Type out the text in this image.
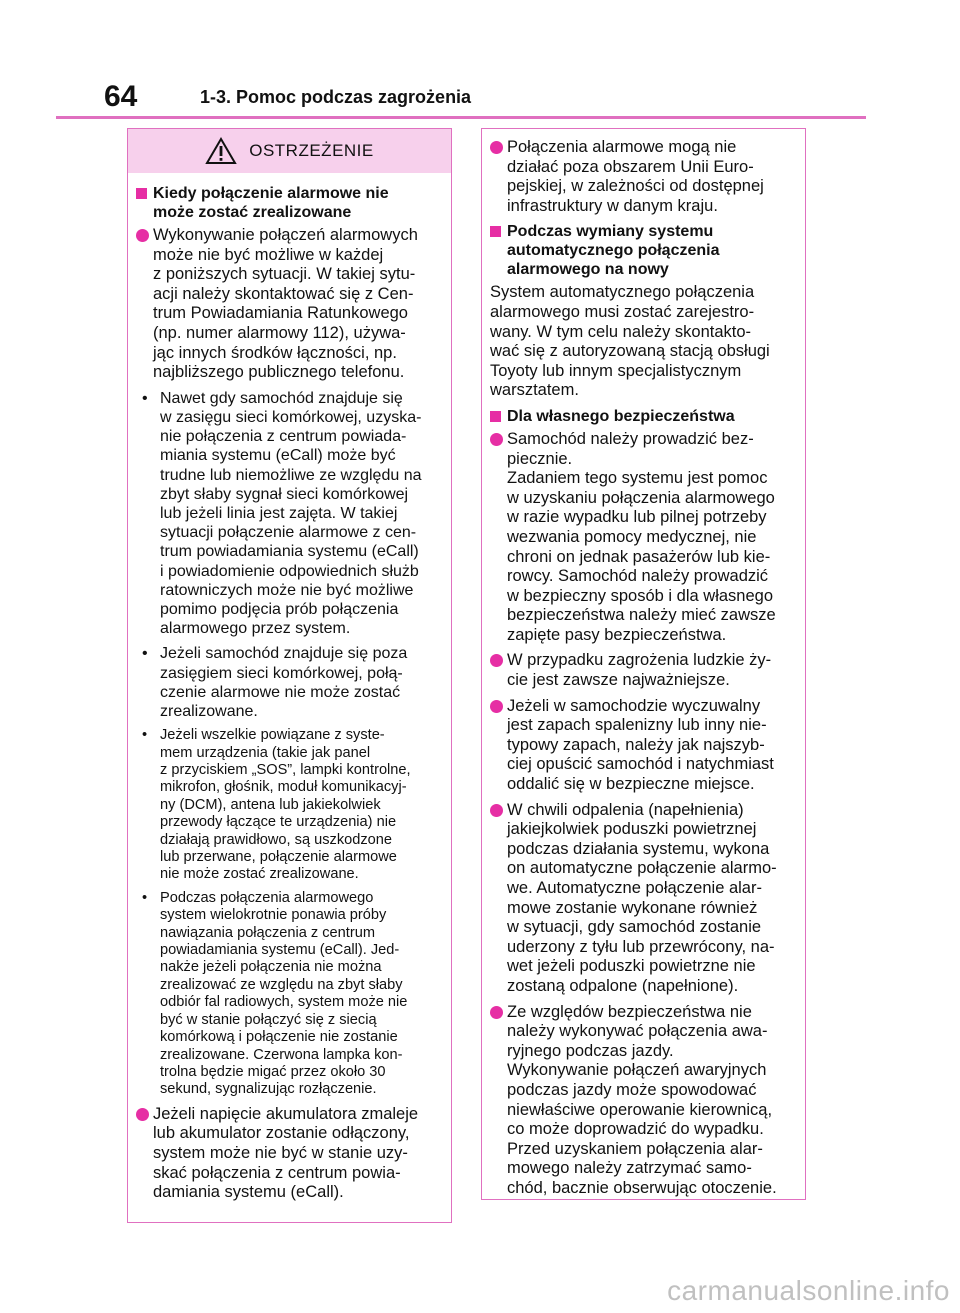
64	1-3. Pomoc podczas zagrożenia
OSTRZEŻENIE
Kiedy połączenie alarmowe nie
może zostać zrealizowane
Wykonywanie połączeń alarmowych
może nie być możliwe w każdej
z poniższych sytuacji. W takiej sytu-
acji należy skontaktować się z Cen-
trum Powiadamiania Ratunkowego
(np. numer alarmowy 112), używa-
jąc innych środków łączności, np.
najbliższego publicznego telefonu.
• Nawet gdy samochód znajduje się
w zasięgu sieci komórkowej, uzyska-
nie połączenia z centrum powiada-
miania systemu (eCall) może być
trudne lub niemożliwe ze względu na
zbyt słaby sygnał sieci komórkowej
lub jeżeli linia jest zajęta. W takiej
sytuacji połączenie alarmowe z cen-
trum powiadamiania systemu (eCall)
i powiadomienie odpowiednich służb
ratowniczych może nie być możliwe
pomimo podjęcia prób połączenia
alarmowego przez system.
• Jeżeli samochód znajduje się poza
zasięgiem sieci komórkowej, połą-
czenie alarmowe nie może zostać
zrealizowane.
• Jeżeli wszelkie powiązane z syste-
mem urządzenia (takie jak panel
z przyciskiem „SOS”, lampki kontrolne,
mikrofon, głośnik, moduł komunikacyj-
ny (DCM), antena lub jakiekolwiek
przewody łączące te urządzenia) nie
działają prawidłowo, są uszkodzone
lub przerwane, połączenie alarmowe
nie może zostać zrealizowane.
• Podczas połączenia alarmowego
system wielokrotnie ponawia próby
nawiązania połączenia z centrum
powiadamiania systemu (eCall). Jed-
nakże jeżeli połączenia nie można
zrealizować ze względu na zbyt słaby
odbiór fal radiowych, system może nie
być w stanie połączyć się z siecią
komórkową i połączenie nie zostanie
zrealizowane. Czerwona lampka kon-
trolna będzie migać przez około 30
sekund, sygnalizując rozłączenie.
Jeżeli napięcie akumulatora zmaleje
lub akumulator zostanie odłączony,
system może nie być w stanie uzy-
skać połączenia z centrum powia-
damiania systemu (eCall).
Połączenia alarmowe mogą nie
działać poza obszarem Unii Euro-
pejskiej, w zależności od dostępnej
infrastruktury w danym kraju.
Podczas wymiany systemu
automatycznego połączenia
alarmowego na nowy
System automatycznego połączenia
alarmowego musi zostać zarejestro-
wany. W tym celu należy skontakto-
wać się z autoryzowaną stacją obsługi
Toyoty lub innym specjalistycznym
warsztatem.
Dla własnego bezpieczeństwa
Samochód należy prowadzić bez-
piecznie.
Zadaniem tego systemu jest pomoc
w uzyskaniu połączenia alarmowego
w razie wypadku lub pilnej potrzeby
wezwania pomocy medycznej, nie
chroni on jednak pasażerów lub kie-
rowcy. Samochód należy prowadzić
w bezpieczny sposób i dla własnego
bezpieczeństwa należy mieć zawsze
zapięte pasy bezpieczeństwa.
W przypadku zagrożenia ludzkie ży-
cie jest zawsze najważniejsze.
Jeżeli w samochodzie wyczuwalny
jest zapach spalenizny lub inny nie-
typowy zapach, należy jak najszyb-
ciej opuścić samochód i natychmiast
oddalić się w bezpieczne miejsce.
W chwili odpalenia (napełnienia)
jakiejkolwiek poduszki powietrznej
podczas działania systemu, wykona
on automatyczne połączenie alarmo-
we. Automatyczne połączenie alar-
mowe zostanie wykonane również
w sytuacji, gdy samochód zostanie
uderzony z tyłu lub przewrócony, na-
wet jeżeli poduszki powietrzne nie
zostaną odpalone (napełnione).
Ze względów bezpieczeństwa nie
należy wykonywać połączenia awa-
ryjnego podczas jazdy.
Wykonywanie połączeń awaryjnych
podczas jazdy może spowodować
niewłaściwe operowanie kierownicą,
co może doprowadzić do wypadku.
Przed uzyskaniem połączenia alar-
mowego należy zatrzymać samo-
chód, bacznie obserwując otoczenie.
carmanualsonline.info
